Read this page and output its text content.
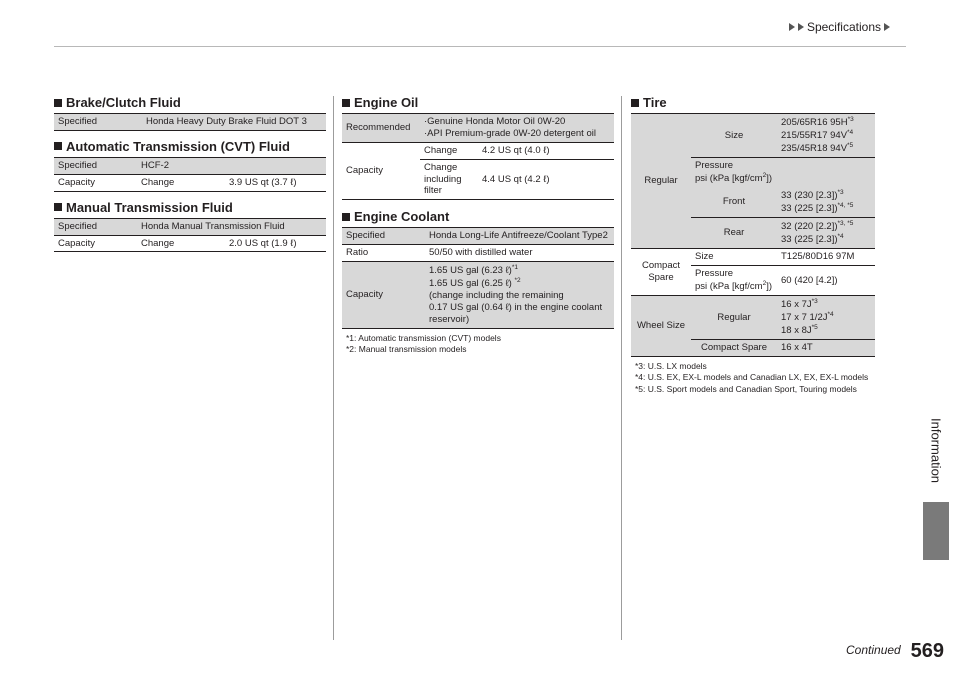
Specifications
Information
Brake/Clutch Fluid
Specified	Honda Heavy Duty Brake Fluid DOT 3
Automatic Transmission (CVT) Fluid
Specified	HCF-2	
Capacity	Change	3.9 US qt (3.7 ℓ)
Manual Transmission Fluid
Specified	Honda Manual Transmission Fluid	
Capacity	Change	2.0 US qt (1.9 ℓ)
Engine Oil
Recommended	·Genuine Honda Motor Oil 0W-20
·API Premium-grade 0W-20 detergent oil	

Capacity	Change	4.2 US qt (4.0 ℓ)

	Change
including
filter	4.4 US qt (4.2 ℓ)
Engine Coolant
Specified	Honda Long-Life Antifreeze/Coolant Type2
Ratio	50/50 with distilled water
Capacity	1.65 US gal (6.23 ℓ)$^{*1}$
1.65 US gal (6.25 ℓ) $^{*2}$
(change including the remaining
0.17 US gal (0.64 ℓ) in the engine coolant
reservoir)
*1: Automatic transmission (CVT) models
*2: Manual transmission models
Tire
Regular	Size	205/65R16 $95H^{*3}$
215/55R17 $94V^{*4}$
235/45R18 $94V^{*5}$

	Pressure
psi (kPa $[kgf/cm^2]$)	

	Front	33 (230 [2.3])$^{*3}$
33 (225 [2.3])$^{*4, *5}$

	Rear	32 (220 [2.2])$^{*3, *5}$
33 (225 [2.3])$^{*4}$

Compact
Spare	Size	T125/80D16 97M

	Pressure
psi (kPa $[kgf/cm^2]$)	60 (420 [4.2])
Wheel Size	Regular	16 x $7J^{*3}$
17 x 7 $1/2J^{*4}$
18 x $8J^{*5}$

	Compact Spare	16 x 4T
*3: U.S. LX models
*4: U.S. EX, EX-L models and Canadian LX, EX, EX-L models
*5: U.S. Sport models and Canadian Sport, Touring models
Continued 569
